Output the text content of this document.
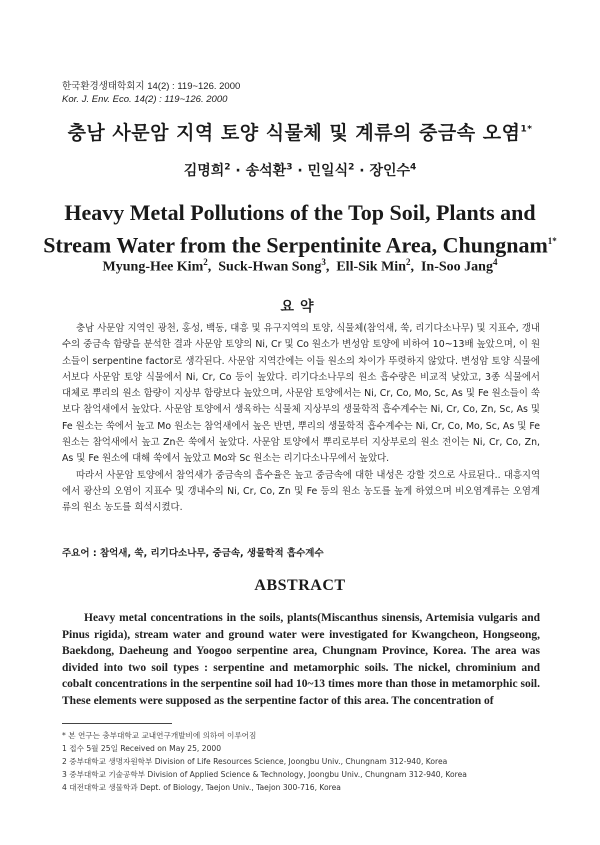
한국환경생태학회지 14(2) : 119~126. 2000
Kor. J. Env. Eco. 14(2) : 119~126. 2000
충남 사문암 지역 토양 식물체 및 계류의 중금속 오염$^{1*}$
김명희$^2$ · 송석환$^3$ · 민일식$^2$ · 장인수$^4$
Heavy Metal Pollutions of the Top Soil, Plants and
Stream Water from the Serpentinite Area, Chungnam$^{1*}$
Myung-Hee Kim$^2$,  Suck-Hwan Song$^3$,  Ell-Sik Min$^2$,  In-Soo Jang$^4$
요약

충남 사문암 지역인 광천, 홍성, 백동, 대흥 및 유구지역의 토양, 식물체(참억새, 쑥, 리기다소나무) 및 지표수, 갱내수의 중금속 함량을 분석한 결과 사문암 토양의 Ni, Cr 및 Co 원소가 변성암 토양에 비하여 10~13배 높았으며, 이 원소들이 serpentine factor로 생각된다. 사문암 지역간에는 이들 원소의 차이가 뚜렷하지 않았다. 변성암 토양 식물에서보다 사문암 토양 식물에서 Ni, Cr, Co 등이 높았다. 리기다소나무의 원소 흡수량은 비교적 낮았고, 3종 식물에서 대체로 뿌리의 원소 함량이 지상부 함량보다 높았으며, 사문암 토양에서는 Ni, Cr, Co, Mo, Sc, As 및 Fe 원소들이 쑥보다 참억새에서 높았다. 사문암 토양에서 생육하는 식물체 지상부의 생물학적 흡수계수는 Ni, Cr, Co, Zn, Sc, As 및 Fe 원소는 쑥에서 높고 Mo 원소는 참억새에서 높은 반면, 뿌리의 생물학적 흡수계수는 Ni, Cr, Co, Mo, Sc, As 및 Fe 원소는 참억새에서 높고 Zn은 쑥에서 높았다. 사문암 토양에서 뿌리로부터 지상부로의 원소 전이는 Ni, Cr, Co, Zn, As 및 Fe 원소에 대해 쑥에서 높았고 Mo와 Sc 원소는 리기다소나무에서 높았다.

따라서 사문암 토양에서 참억새가 중금속의 흡수율은 높고 중금속에 대한 내성은 강할 것으로 사료된다.. 대흥지역에서 광산의 오염이 지표수 및 갱내수의 Ni, Cr, Co, Zn 및 Fe 등의 원소 농도를 높게 하였으며 비오염계류는 오염계류의 원소 농도를 희석시켰다.

주요어 : 참억새, 쑥, 리기다소나무, 중금속, 생물학적 흡수계수
ABSTRACT

Heavy metal concentrations in the soils, plants(Miscanthus sinensis, Artemisia vulgaris and Pinus rigida), stream water and ground water were investigated for Kwangcheon, Hongseong, Baekdong, Daeheung and Yoogoo serpentine area, Chungnam Province, Korea. The area was divided into two soil types : serpentine and metamorphic soils. The nickel, chrominium and cobalt concentrations in the serpentine soil had 10~13 times more than those in metamorphic soil. These elements were supposed as the serpentine factor of this area. The concentration of

* 본 연구는 충부대학교 교내연구개발비에 의하여 이루어짐
1 접수 5월 25일 Received on May 25, 2000
2 중부대학교 생명자원학부 Division of Life Resources Science, Joongbu Univ., Chungnam 312-940, Korea
3 중부대학교 기술공학부 Division of Applied Science & Technology, Joongbu Univ., Chungnam 312-940, Korea
4 대전대학교 생물학과 Dept. of Biology, Taejon Univ., Taejon 300-716, Korea
